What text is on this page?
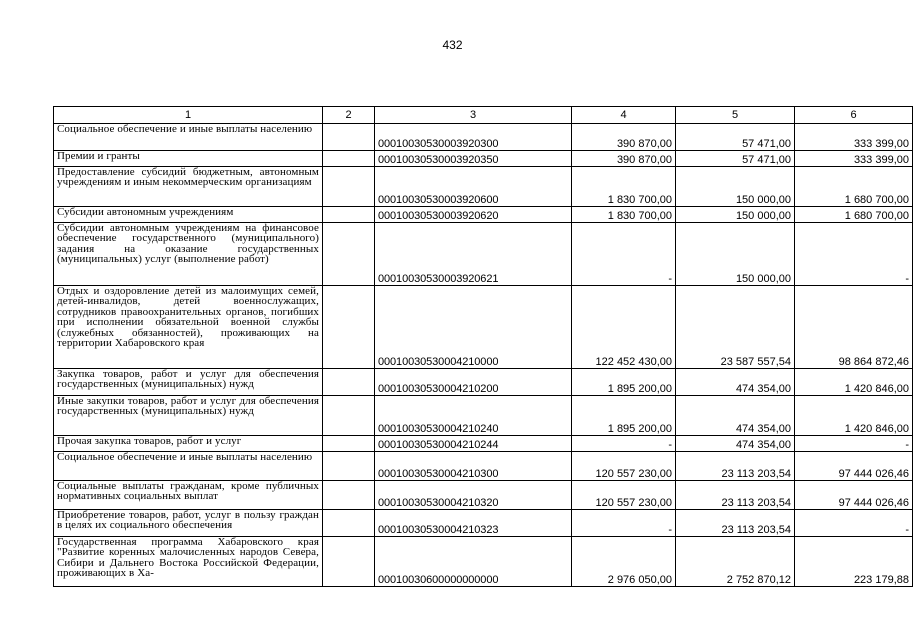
432
1	2	3	4	5	6
Социальное обеспечение и иные выплаты населению		00010030530003920300	390 870,00	57 471,00	333 399,00
Премии и гранты		00010030530003920350	390 870,00	57 471,00	333 399,00
Предоставление субсидий бюджетным, автономным учреждениям и иным некоммерческим организациям		00010030530003920600	1 830 700,00	150 000,00	1 680 700,00
Субсидии автономным учреждениям		00010030530003920620	1 830 700,00	150 000,00	1 680 700,00
Субсидии автономным учреждениям на финансовое обеспечение государственного (муниципального) задания на оказание государственных (муниципальных) услуг (выполнение работ)		00010030530003920621	-	150 000,00	-
Отдых и оздоровление детей из малоимущих семей, детей-инвалидов, детей военнослужащих, сотрудников правоохранительных органов, погибших при исполнении обязательной военной службы (служебных обязанностей), проживающих на территории Хабаровского края		00010030530004210000	122 452 430,00	23 587 557,54	98 864 872,46
Закупка товаров, работ и услуг для обеспечения государственных (муниципальных) нужд		00010030530004210200	1 895 200,00	474 354,00	1 420 846,00
Иные закупки товаров, работ и услуг для обеспечения государственных (муниципальных) нужд		00010030530004210240	1 895 200,00	474 354,00	1 420 846,00
Прочая закупка товаров, работ и услуг		00010030530004210244	-	474 354,00	-
Социальное обеспечение и иные выплаты населению		00010030530004210300	120 557 230,00	23 113 203,54	97 444 026,46
Социальные выплаты гражданам, кроме публичных нормативных социальных выплат		00010030530004210320	120 557 230,00	23 113 203,54	97 444 026,46
Приобретение товаров, работ, услуг в пользу граждан в целях их социального обеспечения		00010030530004210323	-	23 113 203,54	-
Государственная программа Хабаровского края "Развитие коренных малочисленных народов Севера, Сибири и Дальнего Востока Российской Федерации, проживающих в Ха-		00010030600000000000	2 976 050,00	2 752 870,12	223 179,88
